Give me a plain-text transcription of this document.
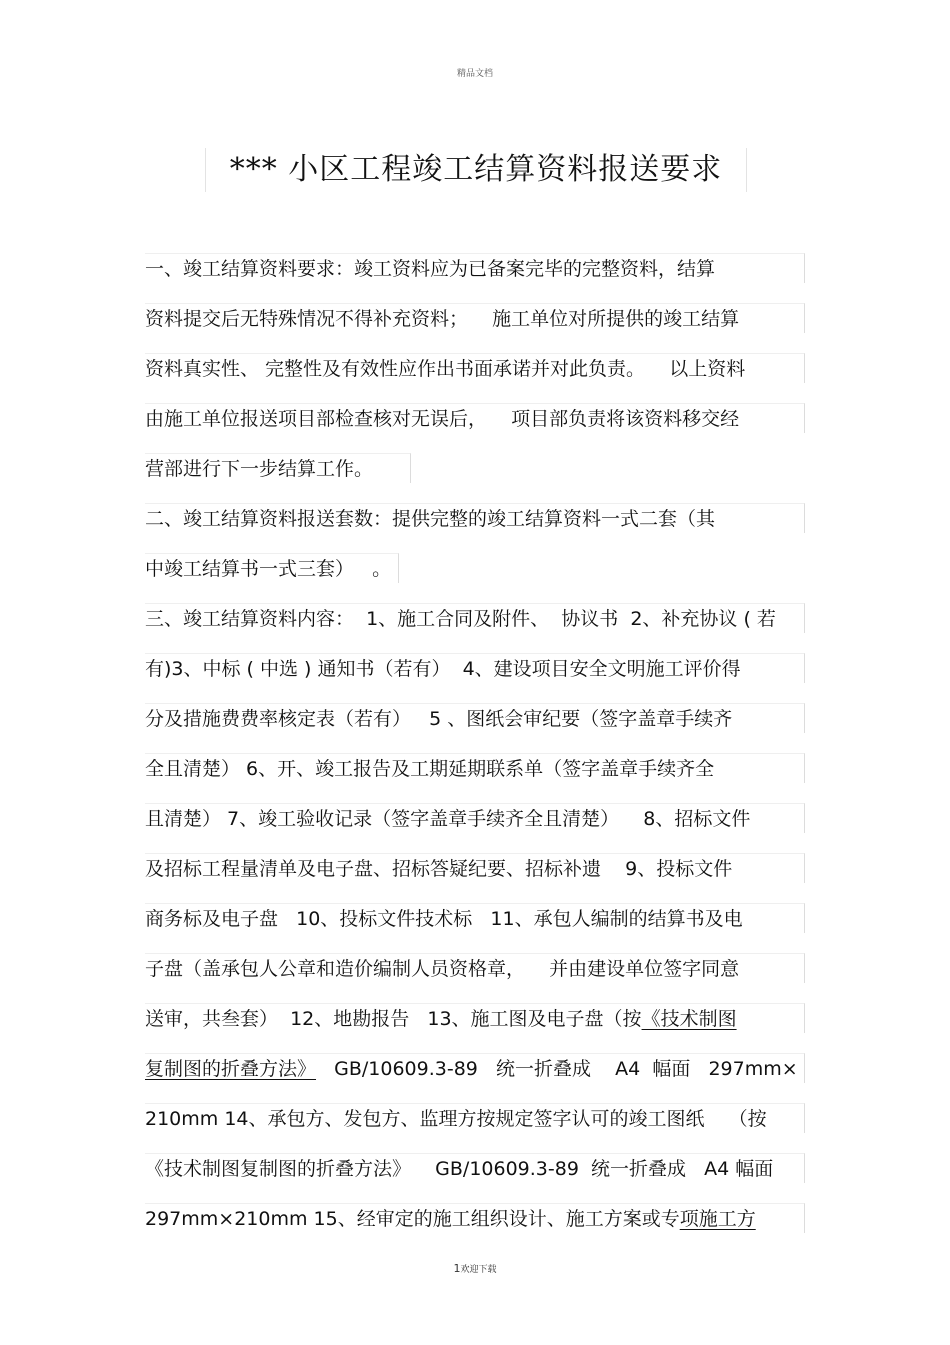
精品文档
*** 小区工程竣工结算资料报送要求
一、竣工结算资料要求：竣工资料应为已备案完毕的完整资料，结算
资料提交后无特殊情况不得补充资料；    施工单位对所提供的竣工结算
资料真实性、 完整性及有效性应作出书面承诺并对此负责。    以上资料
由施工单位报送项目部检查核对无误后，    项目部负责将该资料移交经
营部进行下一步结算工作。
二、竣工结算资料报送套数：提供完整的竣工结算资料一式二套（其
中竣工结算书一式三套）   。
三、竣工结算资料内容：  1、施工合同及附件、  协议书  2、补充协议 ( 若
有)3、中标 ( 中选 ) 通知书（若有）  4、建设项目安全文明施工评价得
分及措施费费率核定表（若有）   5 、图纸会审纪要（签字盖章手续齐
全且清楚） 6、开、竣工报告及工期延期联系单（签字盖章手续齐全
且清楚） 7、竣工验收记录（签字盖章手续齐全且清楚）    8、招标文件
及招标工程量清单及电子盘、招标答疑纪要、招标补遗    9、投标文件
商务标及电子盘   10、投标文件技术标   11、承包人编制的结算书及电
子盘（盖承包人公章和造价编制人员资格章，    并由建设单位签字同意
送审，共叁套）  12、地勘报告   13、施工图及电子盘（按《技术制图
复制图的折叠方法》   GB/10609.3-89   统一折叠成    A4  幅面   297mm×
210mm 14、承包方、发包方、监理方按规定签字认可的竣工图纸    （按
《技术制图复制图的折叠方法》    GB/10609.3-89  统一折叠成   A4 幅面
297mm×210mm 15、经审定的施工组织设计、施工方案或专项施工方
1欢迎下载
